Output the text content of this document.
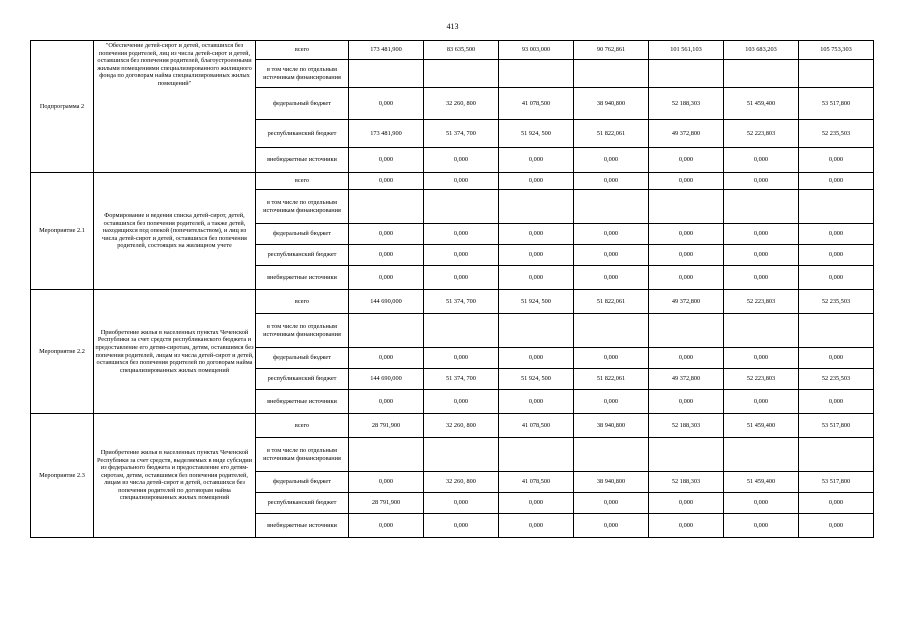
413
Подпрограмма 2	"Обеспечение детей-сирот и детей, оставшихся без попечения родителей, лиц из числа детей-сирот и детей, оставшихся без попечения родителей, благоустроенными жилыми помещениями специализированного жилищного фонда по договорам найма специализированных жилых помещений"	всего	173 481,900	83 635,500	93 003,000	90 762,861	101 561,103	103 683,203	105 753,303
		в том числе по отдельным источникам финансирования							
		федеральный бюджет	0,000	32 260, 800	41 078,500	38 940,800	52 188,303	51 459,400	53 517,800
		республиканский бюджет	173 481,900	51 374, 700	51 924, 500	51 822,061	49 372,800	52 223,803	52 235,503
		внебюджетные источники	0,000	0,000	0,000	0,000	0,000	0,000	0,000
Мероприятие 2.1	Формирование и ведения списка детей-сирот, детей, оставшихся без попечения родителей, а также детей, находящихся под опекой (попечительством), и лиц из числа детей-сирот и детей, оставшихся без попечения родителей, состоящих на жилищном учете	всего	0,000	0,000	0,000	0,000	0,000	0,000	0,000
		в том числе по отдельным источникам финансирования							
		федеральный бюджет	0,000	0,000	0,000	0,000	0,000	0,000	0,000
		республиканский бюджет	0,000	0,000	0,000	0,000	0,000	0,000	0,000
		внебюджетные источники	0,000	0,000	0,000	0,000	0,000	0,000	0,000
Мероприятие 2.2	Приобретение жилья в населенных пунктах Чеченской Республики за счет средств республиканского бюджета и предоставление его детям-сиротам, детям, оставшимся без попечения родителей, лицам из числа детей-сирот и детей, оставшихся без попечения родителей по договорам найма специализированных жилых помещений	всего	144 690,000	51 374, 700	51 924, 500	51 822,061	49 372,800	52 223,803	52 235,503
		в том числе по отдельным источникам финансирования							
		федеральный бюджет	0,000	0,000	0,000	0,000	0,000	0,000	0,000
		республиканский бюджет	144 690,000	51 374, 700	51 924, 500	51 822,061	49 372,800	52 223,803	52 235,503
		внебюджетные источники	0,000	0,000	0,000	0,000	0,000	0,000	0,000
Мероприятие 2.3	Приобретение жилья в населенных пунктах Чеченской Республики за счет средств, выделяемых в виде субсидии из федерального бюджета и предоставление его детям-сиротам, детям, оставшимся без попечения родителей, лицам из числа детей-сирот и детей, оставшихся без попечения родителей по договорам найма специализированных жилых помещений	всего	28 791,900	32 260, 800	41 078,500	38 940,800	52 188,303	51 459,400	53 517,800
		в том числе по отдельным источникам финансирования							
		федеральный бюджет	0,000	32 260, 800	41 078,500	38 940,800	52 188,303	51 459,400	53 517,800
		республиканский бюджет	28 791,900	0,000	0,000	0,000	0,000	0,000	0,000
		внебюджетные источники	0,000	0,000	0,000	0,000	0,000	0,000	0,000
